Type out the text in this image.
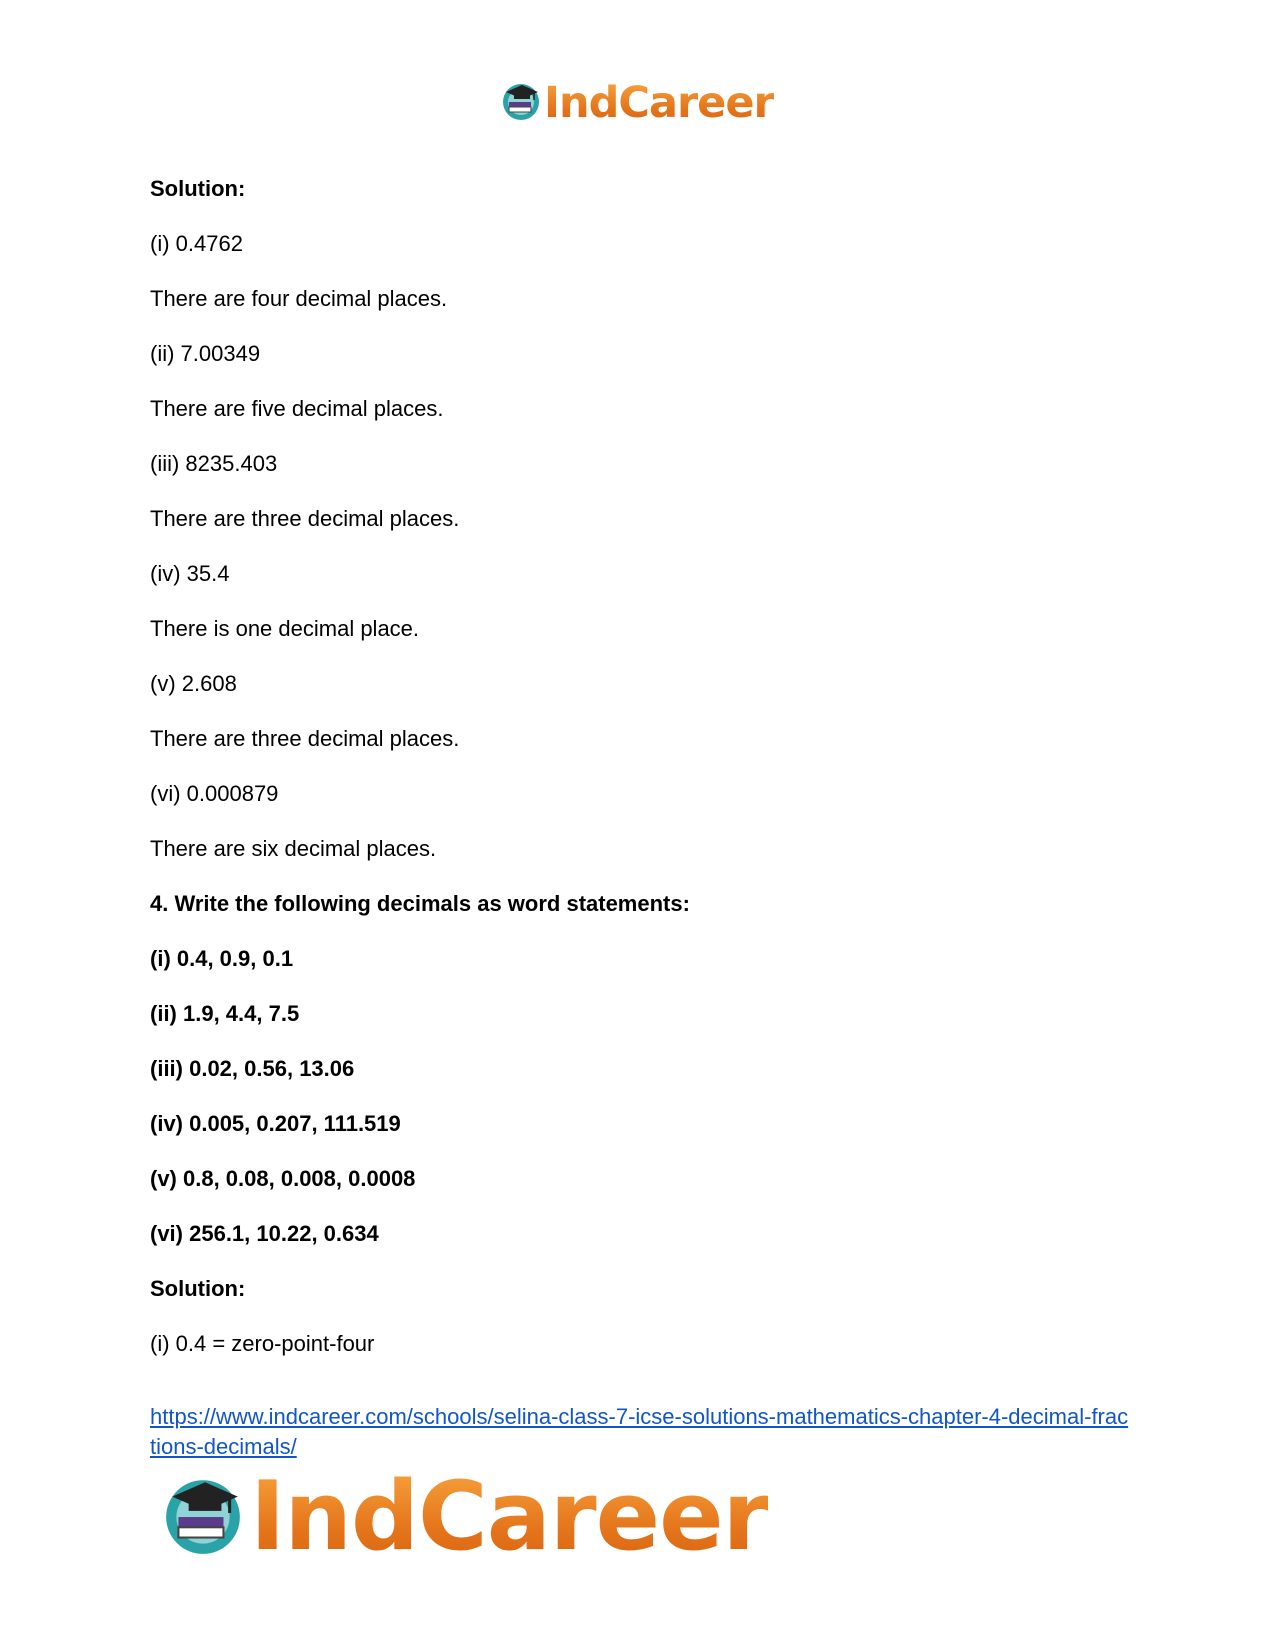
IndCareer
Solution:
(i) 0.4762
There are four decimal places.
(ii) 7.00349
There are five decimal places.
(iii) 8235.403
There are three decimal places.
(iv) 35.4
There is one decimal place.
(v) 2.608
There are three decimal places.
(vi) 0.000879
There are six decimal places.
4. Write the following decimals as word statements:
(i) 0.4, 0.9, 0.1
(ii) 1.9, 4.4, 7.5
(iii) 0.02, 0.56, 13.06
(iv) 0.005, 0.207, 111.519
(v) 0.8, 0.08, 0.008, 0.0008
(vi) 256.1, 10.22, 0.634
Solution:
(i) 0.4 = zero-point-four
https://www.indcareer.com/schools/selina-class-7-icse-solutions-mathematics-chapter-4-decimal-fractions-decimals/
IndCareer
